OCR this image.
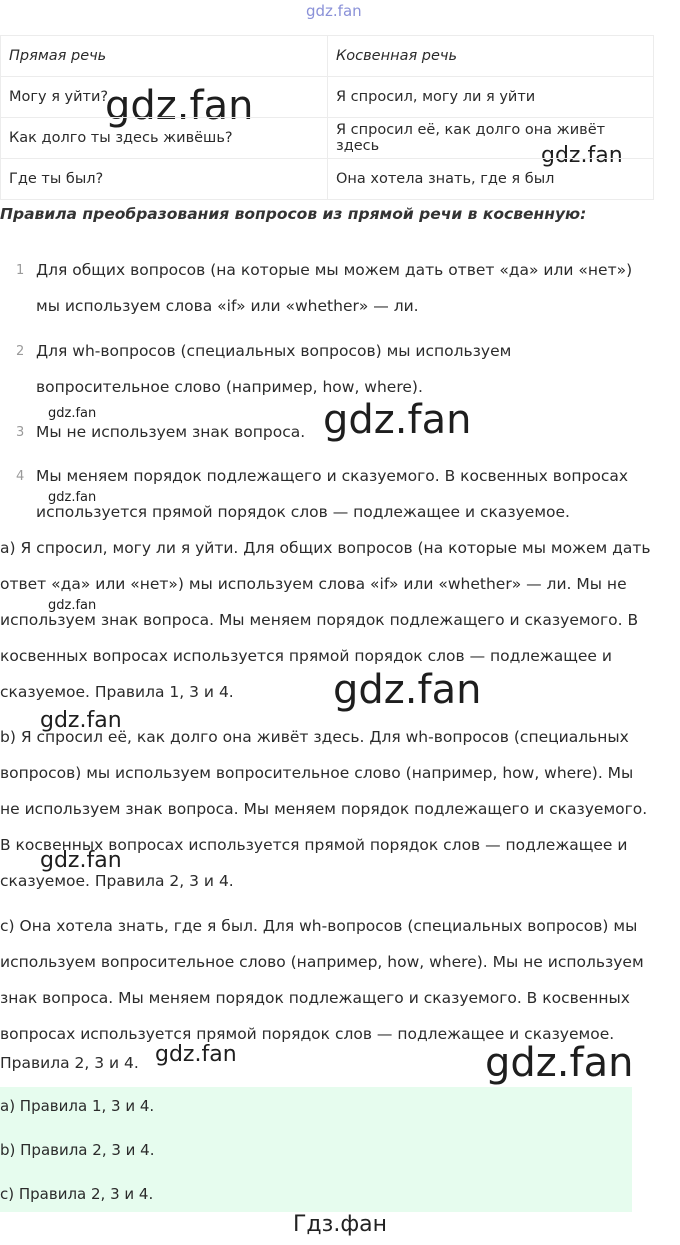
gdz.fan
gdz.fan
gdz.fan
gdz.fan	gdz.fan
gdz.fan
gdz.fan
gdz.fan
gdz.fan
gdz.fan
gdz.fan	gdz.fan
Прямая речь	Косвенная речь
Могу я уйти?	Я спросил, могу ли я уйти
Как долго ты здесь живёшь?	Я спросил её, как долго она живёт здесь
Где ты был?	Она хотела знать, где я был
Правила преобразования вопросов из прямой речи в косвенную:
1 Для общих вопросов (на которые мы можем дать ответ «да» или «нет»)
мы используем слова «if» или «whether» — ли.
2 Для wh-вопросов (специальных вопросов) мы используем
вопросительное слово (например, how, where).
3 Мы не используем знак вопроса.
4 Мы меняем порядок подлежащего и сказуемого. В косвенных вопросах
используется прямой порядок слов — подлежащее и сказуемое.
а) Я спросил, могу ли я уйти. Для общих вопросов (на которые мы можем дать
ответ «да» или «нет») мы используем слова «if» или «whether» — ли. Мы не
используем знак вопроса. Мы меняем порядок подлежащего и сказуемого. В
косвенных вопросах используется прямой порядок слов — подлежащее и
сказуемое. Правила 1, 3 и 4.
b) Я спросил её, как долго она живёт здесь. Для wh-вопросов (специальных
вопросов) мы используем вопросительное слово (например, how, where). Мы
не используем знак вопроса. Мы меняем порядок подлежащего и сказуемого.
В косвенных вопросах используется прямой порядок слов — подлежащее и
сказуемое. Правила 2, 3 и 4.
c) Она хотела знать, где я был. Для wh-вопросов (специальных вопросов) мы
используем вопросительное слово (например, how, where). Мы не используем
знак вопроса. Мы меняем порядок подлежащего и сказуемого. В косвенных
вопросах используется прямой порядок слов — подлежащее и сказуемое.
Правила 2, 3 и 4.
а) Правила 1, 3 и 4.
b) Правила 2, 3 и 4.
c) Правила 2, 3 и 4.
Гдз.фан
